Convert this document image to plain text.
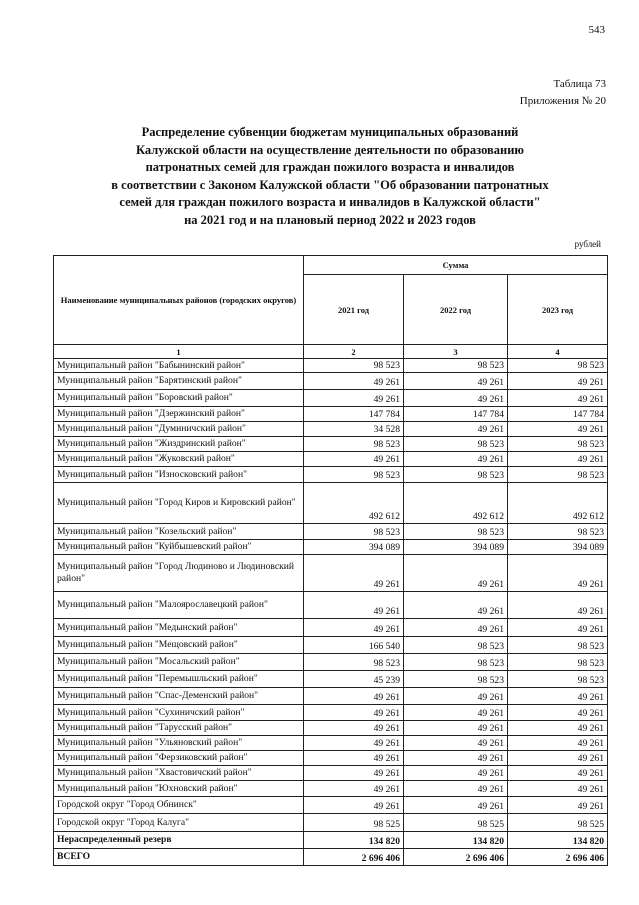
543
Таблица 73
Приложения № 20
Распределение субвенции бюджетам муниципальных образований
Калужской области на осуществление деятельности по образованию
патронатных семей для граждан пожилого возраста и инвалидов
в соответствии с Законом Калужской области "Об образовании патронатных
семей для граждан пожилого возраста и инвалидов в Калужской области"
на 2021 год и на плановый период 2022 и 2023 годов
рублей
Наименование муниципальных районов (городских округов)	Сумма		
	2021 год	2022 год	2023 год
1	2	3	4
Муниципальный район "Бабынинский район"	98 523	98 523	98 523
Муниципальный район "Барятинский район"	49 261	49 261	49 261
Муниципальный район "Боровский район"	49 261	49 261	49 261
Муниципальный район "Дзержинский район"	147 784	147 784	147 784
Муниципальный район "Думиничский район"	34 528	49 261	49 261
Муниципальный район "Жиздринский район"	98 523	98 523	98 523
Муниципальный район "Жуковский район"	49 261	49 261	49 261
Муниципальный район "Износковский район"	98 523	98 523	98 523
Муниципальный район "Город Киров и Кировский район"	492 612	492 612	492 612
Муниципальный район "Козельский район"	98 523	98 523	98 523
Муниципальный район "Куйбышевский район"	394 089	394 089	394 089
Муниципальный район "Город Людиново и Людиновский район"	49 261	49 261	49 261
Муниципальный район "Малоярославецкий район"	49 261	49 261	49 261
Муниципальный район "Медынский район"	49 261	49 261	49 261
Муниципальный район "Мещовский район"	166 540	98 523	98 523
Муниципальный район "Мосальский район"	98 523	98 523	98 523
Муниципальный район "Перемышльский район"	45 239	98 523	98 523
Муниципальный район "Спас-Деменский район"	49 261	49 261	49 261
Муниципальный район "Сухиничский район"	49 261	49 261	49 261
Муниципальный район "Тарусский район"	49 261	49 261	49 261
Муниципальный район "Ульяновский район"	49 261	49 261	49 261
Муниципальный район "Ферзиковский район"	49 261	49 261	49 261
Муниципальный район "Хвастовичский район"	49 261	49 261	49 261
Муниципальный район "Юхновский район"	49 261	49 261	49 261
Городской округ "Город Обнинск"	49 261	49 261	49 261
Городской округ "Город Калуга"	98 525	98 525	98 525
Нераспределенный резерв	134 820	134 820	134 820
ВСЕГО	2 696 406	2 696 406	2 696 406
